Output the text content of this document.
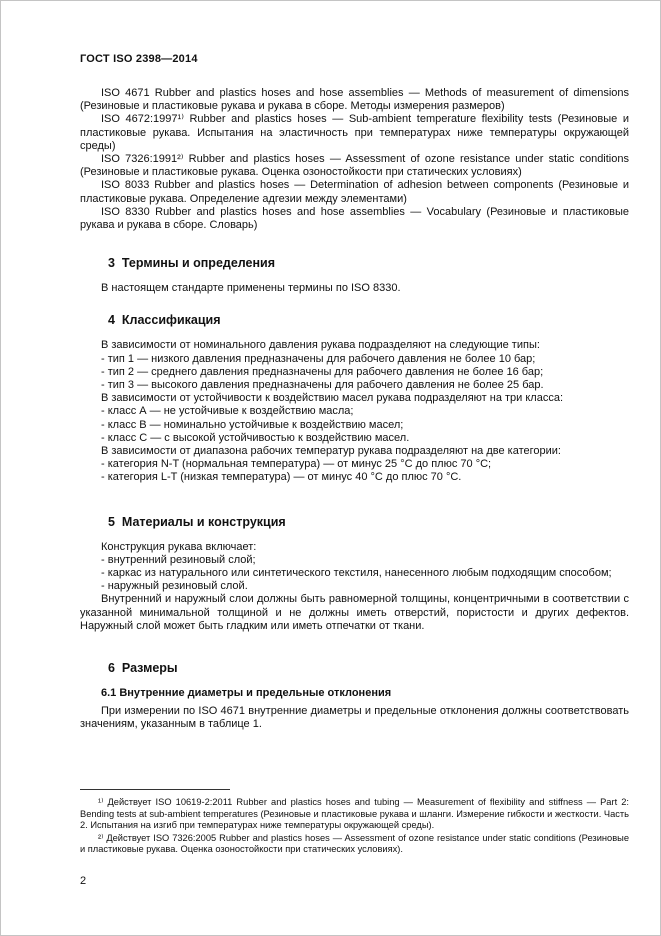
ГОСТ ISO 2398—2014

ISO 4671 Rubber and plastics hoses and hose assemblies — Methods of measurement of dimensions (Резиновые и пластиковые рукава и рукава в сборе. Методы измерения размеров)

ISO 4672:1997¹⁾ Rubber and plastics hoses — Sub-ambient temperature flexibility tests (Резиновые и пластиковые рукава. Испытания на эластичность при температурах ниже температуры окружающей среды)

ISO 7326:1991²⁾ Rubber and plastics hoses — Assessment of ozone resistance under static conditions (Резиновые и пластиковые рукава. Оценка озоностойкости при статических условиях)

ISO 8033 Rubber and plastics hoses — Determination of adhesion between components (Резиновые и пластиковые рукава. Определение адгезии между элементами)

ISO 8330 Rubber and plastics hoses and hose assemblies — Vocabulary (Резиновые и пластиковые рукава и рукава в сборе. Словарь)

3  Термины и определения

В настоящем стандарте применены термины по ISO 8330.

4  Классификация

В зависимости от номинального давления рукава подразделяют на следующие типы:

- тип 1 — низкого давления предназначены для рабочего давления не более 10 бар;

- тип 2 — среднего давления предназначены для рабочего давления не более 16 бар;

- тип 3 — высокого давления предназначены для рабочего давления не более 25 бар.

В зависимости от устойчивости к воздействию масел рукава подразделяют на три класса:

- класс А — не устойчивые к воздействию масла;

- класс В — номинально устойчивые к воздействию масел;

- класс С — с высокой устойчивостью к воздействию масел.

В зависимости от диапазона рабочих температур рукава подразделяют на две категории:

- категория N-T (нормальная температура) — от минус 25 °С до плюс 70 °С;

- категория L-T (низкая температура) — от минус 40 °С до плюс 70 °С.

5  Материалы и конструкция

Конструкция рукава включает:

- внутренний резиновый слой;

- каркас из натурального или синтетического текстиля, нанесенного любым подходящим способом;

- наружный резиновый слой.

Внутренний и наружный слои должны быть равномерной толщины, концентричными в соответствии с указанной минимальной толщиной и не должны иметь отверстий, пористости и других дефектов. Наружный слой может быть гладким или иметь отпечатки от ткани.

6  Размеры
6.1 Внутренние диаметры и предельные отклонения

При измерении по ISO 4671 внутренние диаметры и предельные отклонения должны соответствовать значениям, указанным в таблице 1.

¹⁾ Действует ISO 10619-2:2011 Rubber and plastics hoses and tubing — Measurement of flexibility and stiffness — Part 2: Bending tests at sub-ambient temperatures (Резиновые и пластиковые рукава и шланги. Измерение гибкости и жесткости. Часть 2. Испытания на изгиб при температурах ниже температуры окружающей среды).

²⁾ Действует ISO 7326:2005 Rubber and plastics hoses — Assessment of ozone resistance under static conditions (Резиновые и пластиковые рукава. Оценка озоностойкости при статических условиях).

2
